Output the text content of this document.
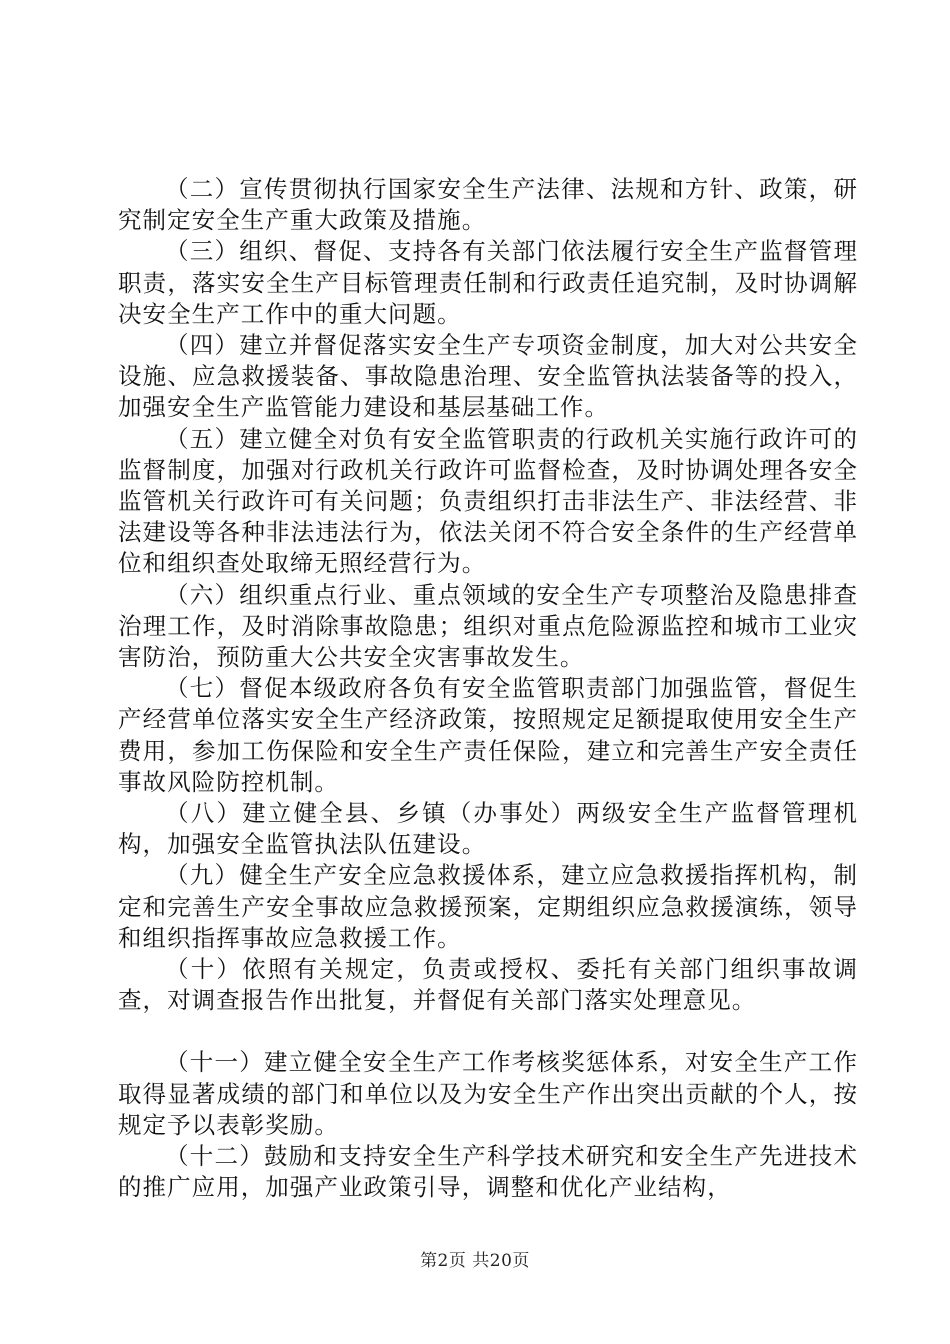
（二）宣传贯彻执行国家安全生产法律、法规和方针、政策，研究制定安全生产重大政策及措施。

（三）组织、督促、支持各有关部门依法履行安全生产监督管理职责，落实安全生产目标管理责任制和行政责任追究制，及时协调解决安全生产工作中的重大问题。

（四）建立并督促落实安全生产专项资金制度，加大对公共安全设施、应急救援装备、事故隐患治理、安全监管执法装备等的投入，加强安全生产监管能力建设和基层基础工作。

（五）建立健全对负有安全监管职责的行政机关实施行政许可的监督制度，加强对行政机关行政许可监督检查，及时协调处理各安全监管机关行政许可有关问题；负责组织打击非法生产、非法经营、非法建设等各种非法违法行为，依法关闭不符合安全条件的生产经营单位和组织查处取缔无照经营行为。

（六）组织重点行业、重点领域的安全生产专项整治及隐患排查治理工作，及时消除事故隐患；组织对重点危险源监控和城市工业灾害防治，预防重大公共安全灾害事故发生。

（七）督促本级政府各负有安全监管职责部门加强监管，督促生产经营单位落实安全生产经济政策，按照规定足额提取使用安全生产费用，参加工伤保险和安全生产责任保险，建立和完善生产安全责任事故风险防控机制。

（八）建立健全县、乡镇（办事处）两级安全生产监督管理机构，加强安全监管执法队伍建设。

（九）健全生产安全应急救援体系，建立应急救援指挥机构，制定和完善生产安全事故应急救援预案，定期组织应急救援演练，领导和组织指挥事故应急救援工作。

（十）依照有关规定，负责或授权、委托有关部门组织事故调查，对调查报告作出批复，并督促有关部门落实处理意见。

（十一）建立健全安全生产工作考核奖惩体系，对安全生产工作取得显著成绩的部门和单位以及为安全生产作出突出贡献的个人，按规定予以表彰奖励。

（十二）鼓励和支持安全生产科学技术研究和安全生产先进技术的推广应用，加强产业政策引导，调整和优化产业结构，

第2页 共20页
